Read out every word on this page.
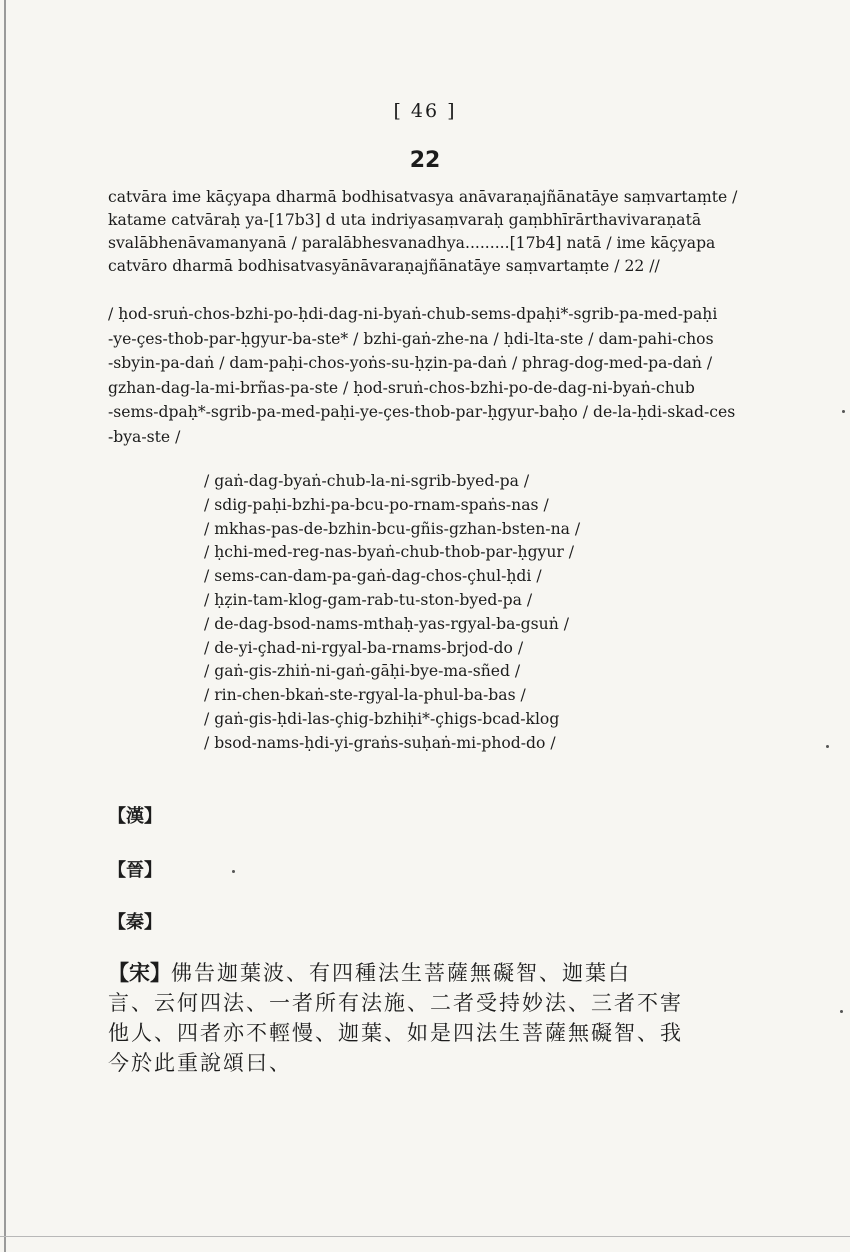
[ 46 ]
22
catvāra ime kāçyapa dharmā bodhisatvasya anāvaraṇajñānatāye saṃvartaṃte /
katame catvāraḥ ya-[17b3] d uta indriyasaṃvaraḥ gaṃbhīrārthavivaraṇatā
svalābhenāvamanyanā / paralābhesvanadhya.........[17b4] natā / ime kāçyapa
catvāro dharmā bodhisatvasyānāvaraṇajñānatāye saṃvartaṃte / 22 //
/ ḥod-sruṅ-chos-bzhi-po-ḥdi-dag-ni-byaṅ-chub-sems-dpaḥi*-sgrib-pa-med-paḥi
-ye-çes-thob-par-ḥgyur-ba-ste* / bzhi-gaṅ-zhe-na / ḥdi-lta-ste / dam-pahi-chos
-sbyin-pa-daṅ / dam-paḥi-chos-yoṅs-su-ḥẓin-pa-daṅ / phrag-dog-med-pa-daṅ /
gzhan-dag-la-mi-brñas-pa-ste / ḥod-sruṅ-chos-bzhi-po-de-dag-ni-byaṅ-chub
-sems-dpaḥ*-sgrib-pa-med-paḥi-ye-çes-thob-par-ḥgyur-baḥo / de-la-ḥdi-skad-ces
-bya-ste /
/ gaṅ-dag-byaṅ-chub-la-ni-sgrib-byed-pa /
/ sdig-paḥi-bzhi-pa-bcu-po-rnam-spaṅs-nas /
/ mkhas-pas-de-bzhin-bcu-gñis-gzhan-bsten-na /
/ ḥchi-med-reg-nas-byaṅ-chub-thob-par-ḥgyur /
/ sems-can-dam-pa-gaṅ-dag-chos-çhul-ḥdi /
/ ḥẓin-tam-klog-gam-rab-tu-ston-byed-pa /
/ de-dag-bsod-nams-mthaḥ-yas-rgyal-ba-gsuṅ /
/ de-yi-çhad-ni-rgyal-ba-rnams-brjod-do /
/ gaṅ-gis-zhiṅ-ni-gaṅ-gāḥi-bye-ma-sñed /
/ rin-chen-bkaṅ-ste-rgyal-la-phul-ba-bas /
/ gaṅ-gis-ḥdi-las-çhig-bzhiḥi*-çhigs-bcad-klog
/ bsod-nams-ḥdi-yi-graṅs-suḥaṅ-mi-phod-do /
【漢】
【晉】
【秦】
【宋】佛告迦葉波、有四種法生菩薩無礙智、迦葉白
言、云何四法、一者所有法施、二者受持妙法、三者不害
他人、四者亦不輕慢、迦葉、如是四法生菩薩無礙智、我
今於此重說頌曰、
